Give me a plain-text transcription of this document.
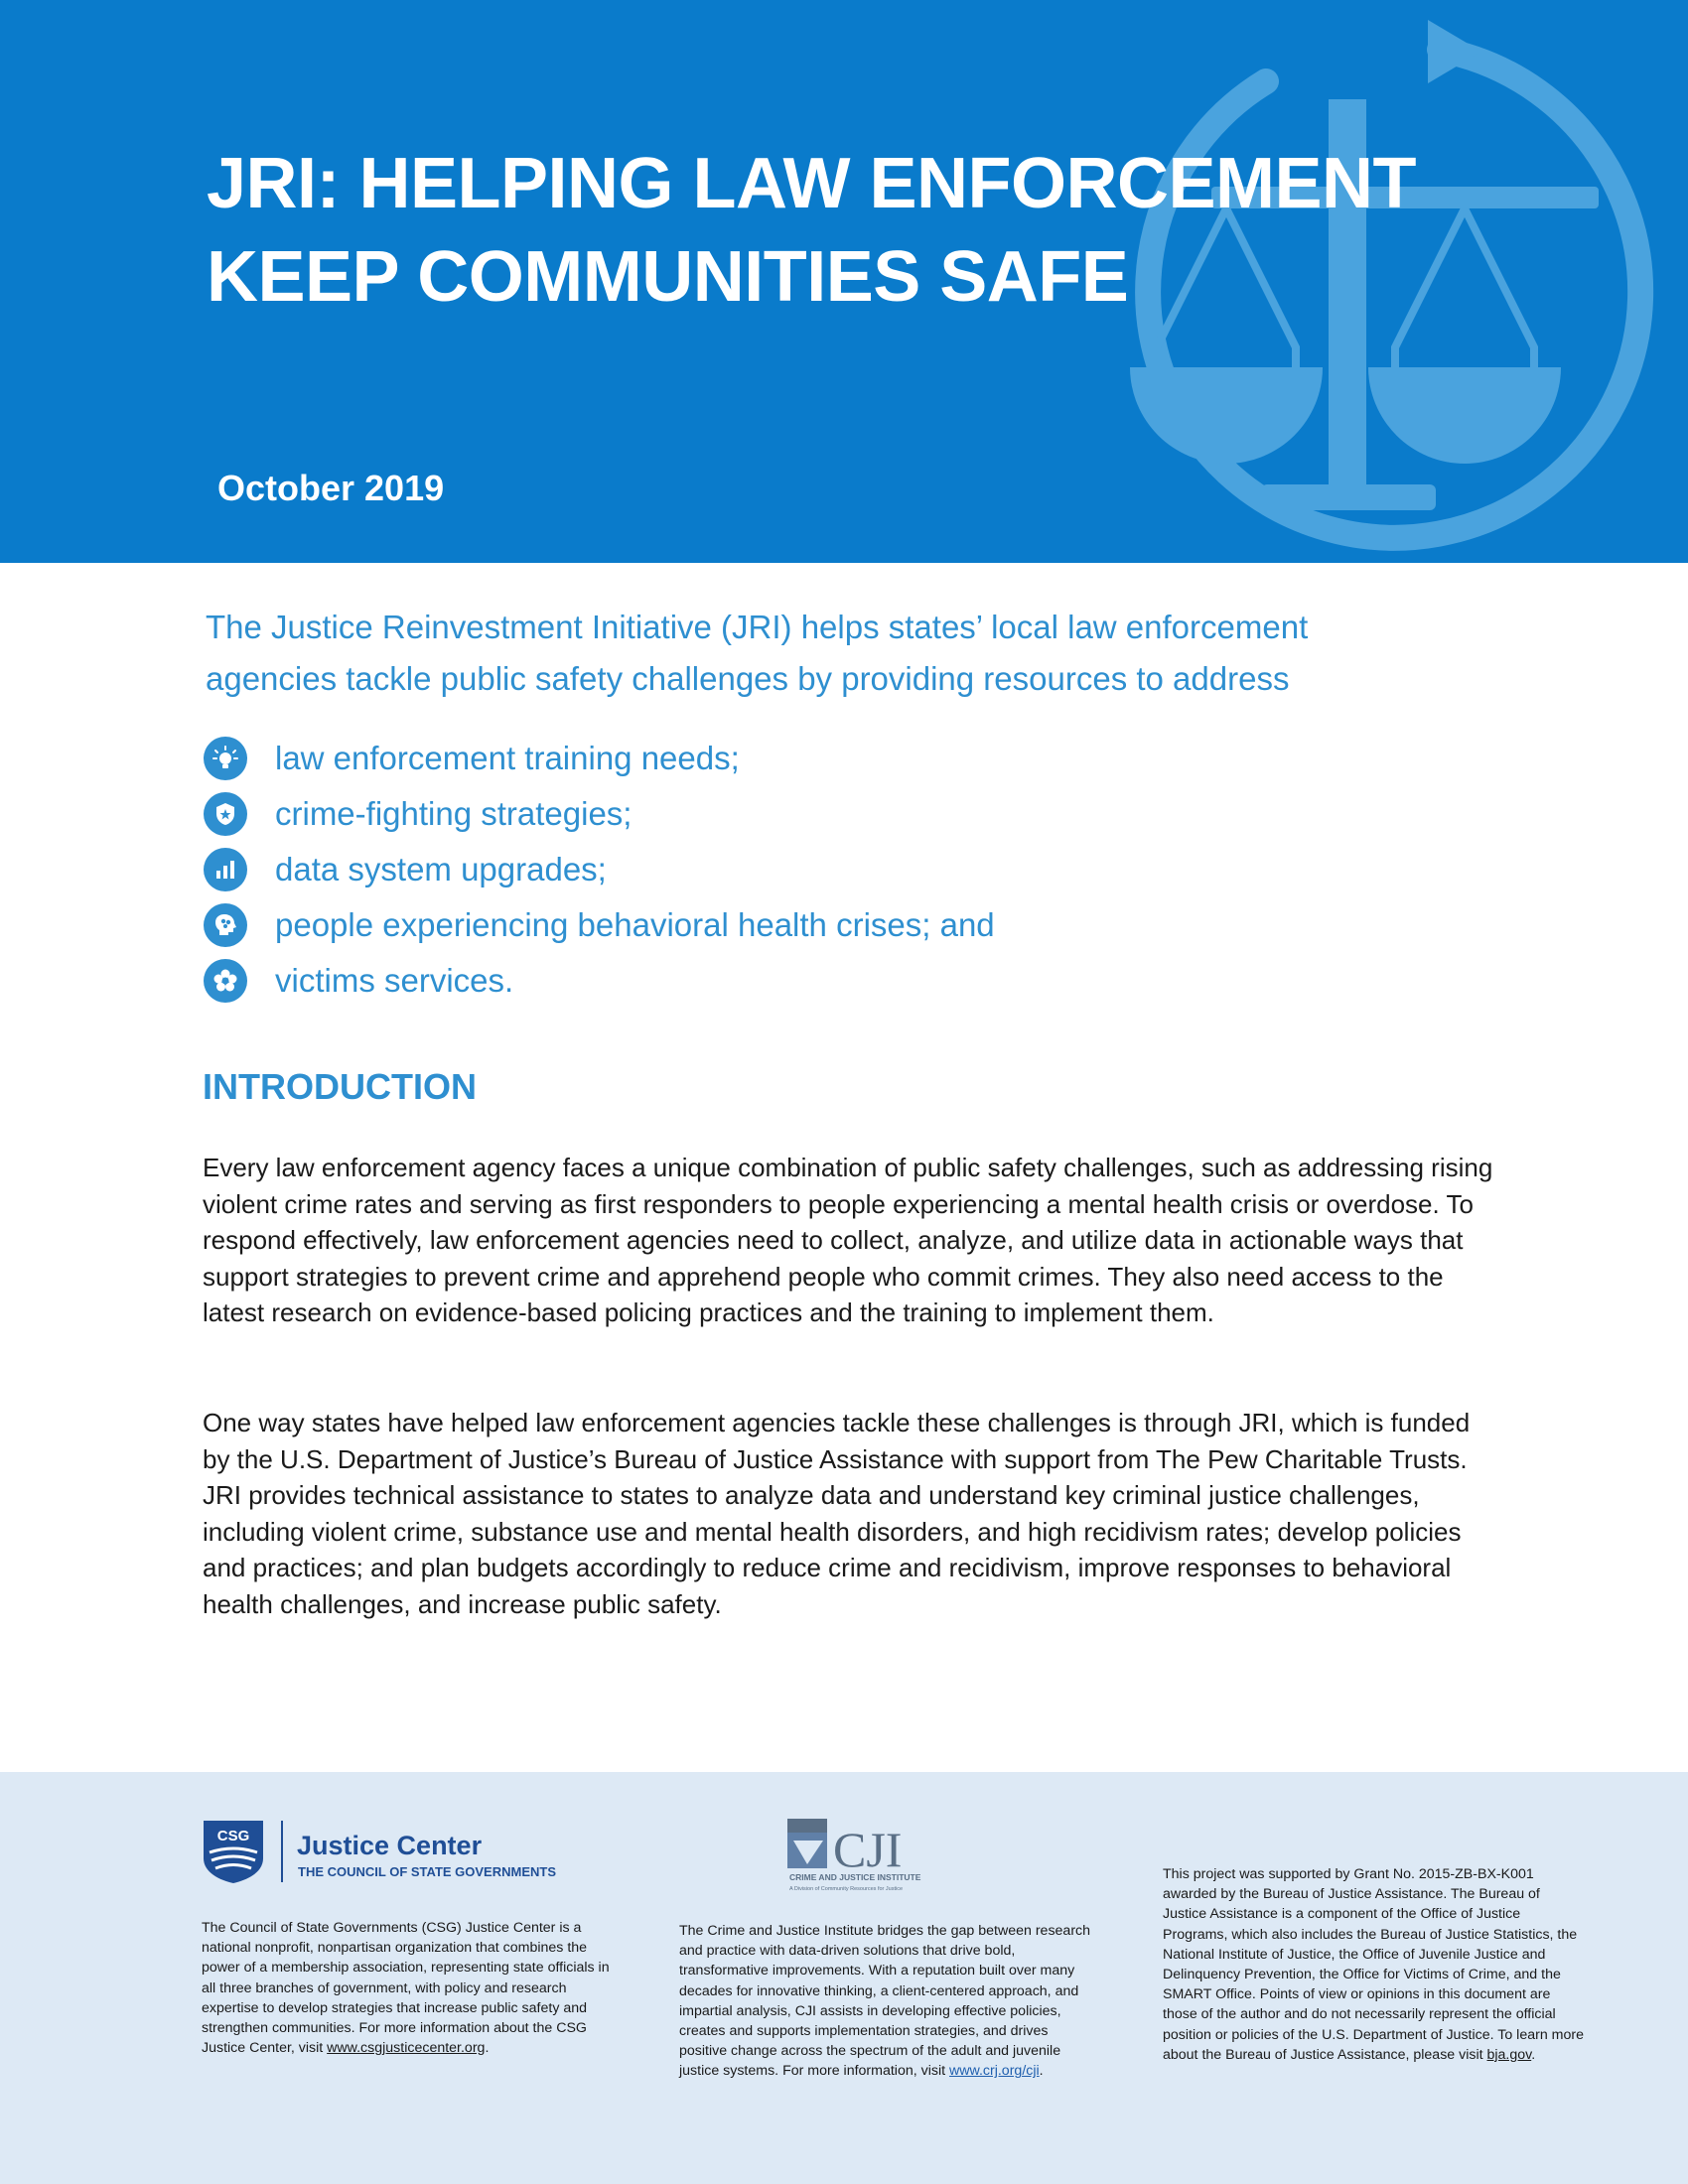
JRI: HELPING LAW ENFORCEMENT
KEEP COMMUNITIES SAFE
October 2019

The Justice Reinvestment Initiative (JRI) helps states’ local law enforcement
agencies tackle public safety challenges by providing resources to address

law enforcement training needs;
crime-fighting strategies;
data system upgrades;
people experiencing behavioral health crises; and
victims services.
INTRODUCTION

Every law enforcement agency faces a unique combination of public safety challenges, such as addressing rising violent crime rates and serving as first responders to people experiencing a mental health crisis or overdose. To respond effectively, law enforcement agencies need to collect, analyze, and utilize data in actionable ways that support strategies to prevent crime and apprehend people who commit crimes. They also need access to the latest research on evidence-based policing practices and the training to implement them.

One way states have helped law enforcement agencies tackle these challenges is through JRI, which is funded by the U.S. Department of Justice’s Bureau of Justice Assistance with support from The Pew Charitable Trusts. JRI provides technical assistance to states to analyze data and understand key criminal justice challenges, including violent crime, substance use and mental health disorders, and high recidivism rates; develop policies and practices; and plan budgets accordingly to reduce crime and recidivism, improve responses to behavioral health challenges, and increase public safety.

CSG Justice Center
THE COUNCIL OF STATE GOVERNMENTS	CJI
CRIME AND JUSTICE INSTITUTE
A Division of Community Resources for Justice

The Council of State Governments (CSG) Justice Center is a national nonprofit, nonpartisan organization that combines the power of a membership association, representing state officials in all three branches of government, with policy and research expertise to develop strategies that increase public safety and strengthen communities. For more information about the CSG Justice Center, visit www.csgjusticecenter.org.

The Crime and Justice Institute bridges the gap between research and practice with data-driven solutions that drive bold, transformative improvements. With a reputation built over many decades for innovative thinking, a client-centered approach, and impartial analysis, CJI assists in developing effective policies, creates and supports implementation strategies, and drives positive change across the spectrum of the adult and juvenile justice systems. For more information, visit www.crj.org/cji.

This project was supported by Grant No. 2015-ZB-BX-K001 awarded by the Bureau of Justice Assistance. The Bureau of Justice Assistance is a component of the Office of Justice Programs, which also includes the Bureau of Justice Statistics, the National Institute of Justice, the Office of Juvenile Justice and Delinquency Prevention, the Office for Victims of Crime, and the SMART Office. Points of view or opinions in this document are those of the author and do not necessarily represent the official position or policies of the U.S. Department of Justice. To learn more about the Bureau of Justice Assistance, please visit bja.gov.
